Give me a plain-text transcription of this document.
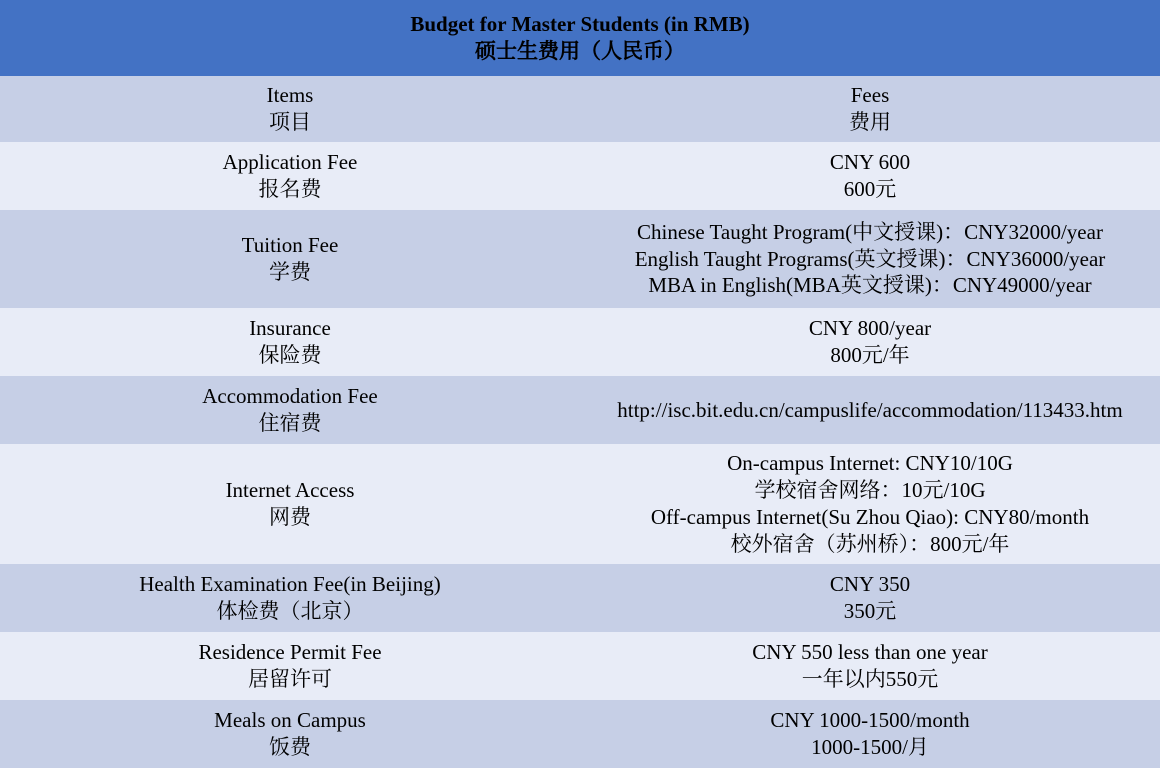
Budget for Master Students (in RMB)
硕士生费用（人民币）	

Items
项目	Fees
费用

Application Fee
报名费	CNY 600
600元

Tuition Fee
学费	Chinese Taught Program(中文授课)：CNY32000/year
English Taught Programs(英文授课)：CNY36000/year
MBA in English(MBA英文授课)：CNY49000/year

Insurance
保险费	CNY 800/year
800元/年

Accommodation Fee
住宿费	http://isc.bit.edu.cn/campuslife/accommodation/113433.htm

Internet Access
网费	On-campus Internet: CNY10/10G
学校宿舍网络：10元/10G
Off-campus Internet(Su Zhou Qiao): CNY80/month
校外宿舍（苏州桥）：800元/年

Health Examination Fee(in Beijing)
体检费（北京）	CNY 350
350元

Residence Permit Fee
居留许可	CNY 550 less than one year
一年以内550元

Meals on Campus
饭费	CNY 1000-1500/month
1000-1500/月
